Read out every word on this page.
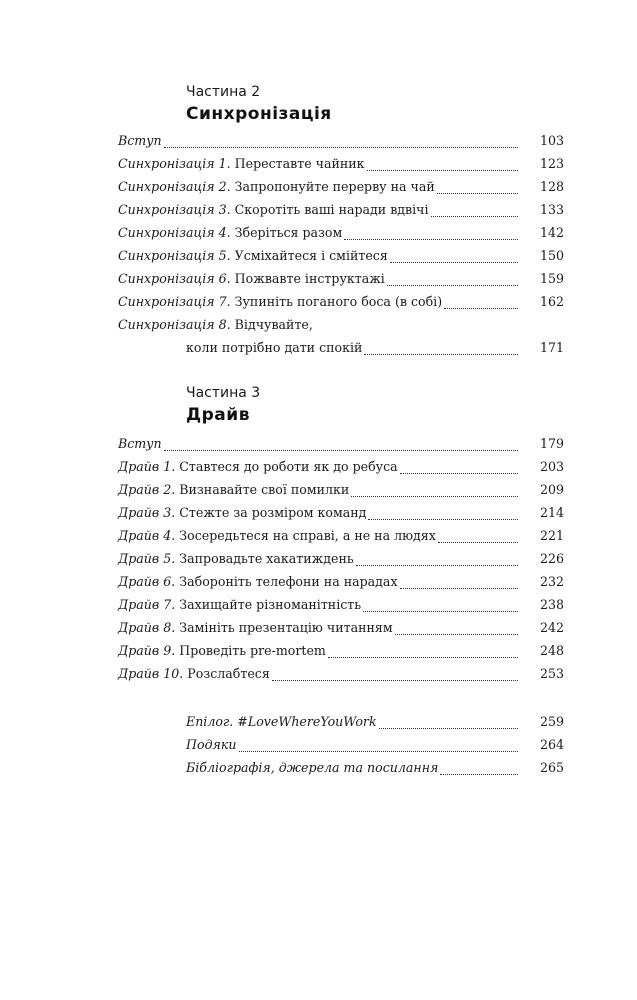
Частина 2
Синхронізація
Вступ	103
Синхронізація 1. Переставте чайник	123
Синхронізація 2. Запропонуйте перерву на чай	128
Синхронізація 3. Скоротіть ваші наради вдвічі	133
Синхронізація 4. Зберіться разом	142
Синхронізація 5. Усміхайтеся і смійтеся	150
Синхронізація 6. Пожвавте інструктажі	159
Синхронізація 7. Зупиніть поганого боса (в собі)	162
Синхронізація 8. Відчувайте,
коли потрібно дати спокій	171
Частина 3
Драйв
Вступ	179
Драйв 1. Ставтеся до роботи як до ребуса	203
Драйв 2. Визнавайте свої помилки	209
Драйв 3. Стежте за розміром команд	214
Драйв 4. Зосередьтеся на справі, а не на людях	221
Драйв 5. Запровадьте хакатиждень	226
Драйв 6. Забороніть телефони на нарадах	232
Драйв 7. Захищайте різноманітність	238
Драйв 8. Замініть презентацію читанням	242
Драйв 9. Проведіть pre-mortem	248
Драйв 10. Розслабтеся	253
Епілог. #LoveWhereYouWork	259
Подяки	264
Бібліографія, джерела та посилання	265
